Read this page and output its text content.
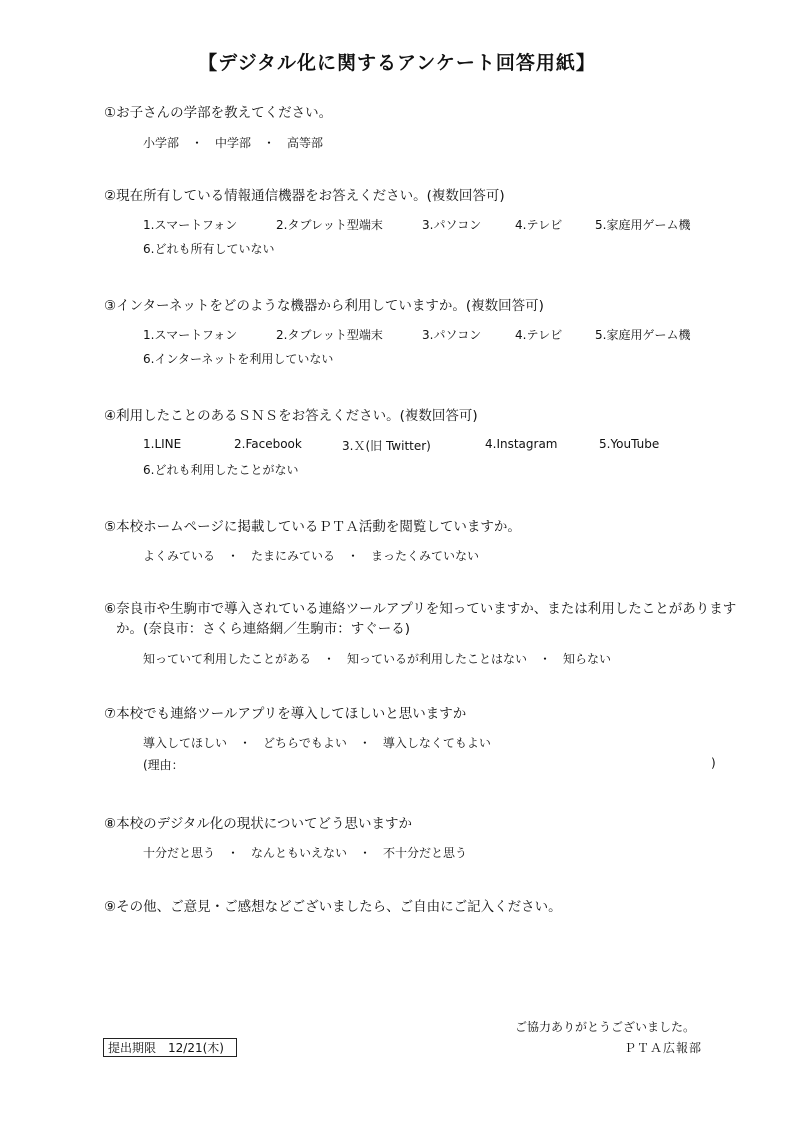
【デジタル化に関するアンケート回答用紙】
①お子さんの学部を教えてください。
小学部　・　中学部　・　高等部
②現在所有している情報通信機器をお答えください。(複数回答可)
1.スマートフォン	2.タブレット型端末	3.パソコン	4.テレビ	5.家庭用ゲーム機
6.どれも所有していない
③インターネットをどのような機器から利用していますか。(複数回答可)
1.スマートフォン	2.タブレット型端末	3.パソコン	4.テレビ	5.家庭用ゲーム機
6.インターネットを利用していない
④利用したことのあるＳＮＳをお答えください。(複数回答可)
1.LINE	2.Facebook	3.Ｘ(旧 Twitter)	4.Instagram	5.YouTube
6.どれも利用したことがない
⑤本校ホームページに掲載しているＰＴＡ活動を閲覧していますか。
よくみている　・　たまにみている　・　まったくみていない
⑥奈良市や生駒市で導入されている連絡ツールアプリを知っていますか、または利用したことがありますか。(奈良市：さくら連絡網／生駒市：すぐーる)
知っていて利用したことがある　・　知っているが利用したことはない　・　知らない
⑦本校でも連絡ツールアプリを導入してほしいと思いますか
導入してほしい　・　どちらでもよい　・　導入しなくてもよい
(理由：	)
⑧本校のデジタル化の現状についてどう思いますか
十分だと思う　・　なんともいえない　・　不十分だと思う
⑨その他、ご意見・ご感想などございましたら、ご自由にご記入ください。
ご協力ありがとうございました。
ＰＴＡ広報部
提出期限　12/21(木)
